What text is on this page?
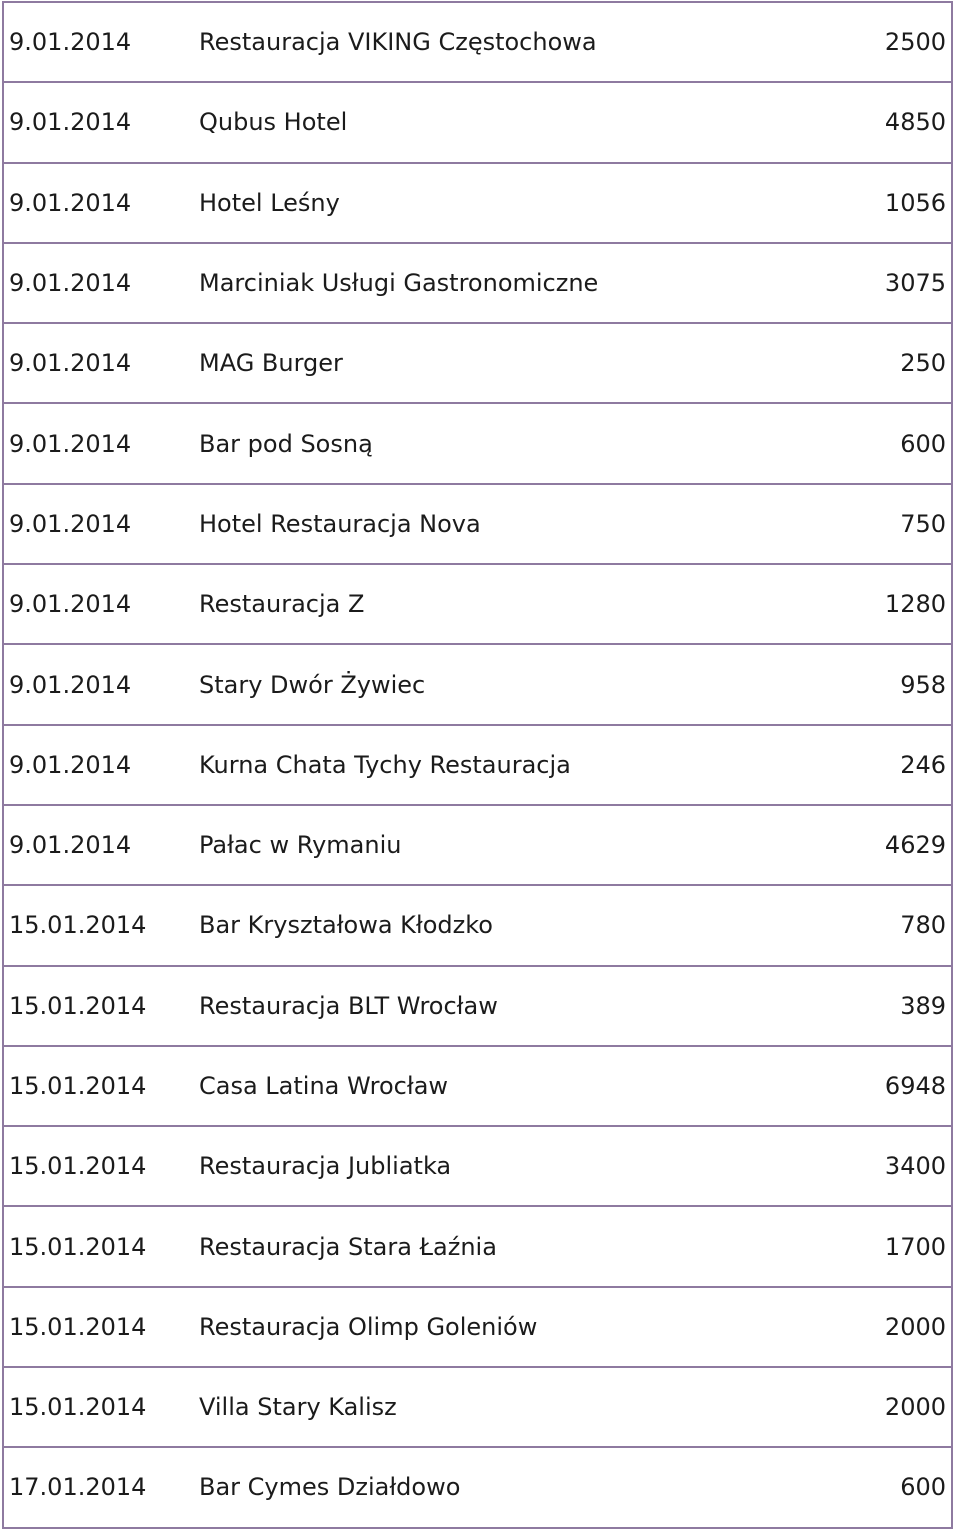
9.01.2014	Restauracja VIKING Częstochowa	2500
9.01.2014	Qubus Hotel	4850
9.01.2014	Hotel Leśny	1056
9.01.2014	Marciniak Usługi Gastronomiczne	3075
9.01.2014	MAG Burger	250
9.01.2014	Bar pod Sosną	600
9.01.2014	Hotel Restauracja Nova	750
9.01.2014	Restauracja Z	1280
9.01.2014	Stary Dwór Żywiec	958
9.01.2014	Kurna Chata Tychy Restauracja	246
9.01.2014	Pałac w Rymaniu	4629
15.01.2014	Bar Kryształowa Kłodzko	780
15.01.2014	Restauracja BLT Wrocław	389
15.01.2014	Casa Latina Wrocław	6948
15.01.2014	Restauracja Jubliatka	3400
15.01.2014	Restauracja Stara Łaźnia	1700
15.01.2014	Restauracja Olimp Goleniów	2000
15.01.2014	Villa Stary Kalisz	2000
17.01.2014	Bar Cymes Działdowo	600
